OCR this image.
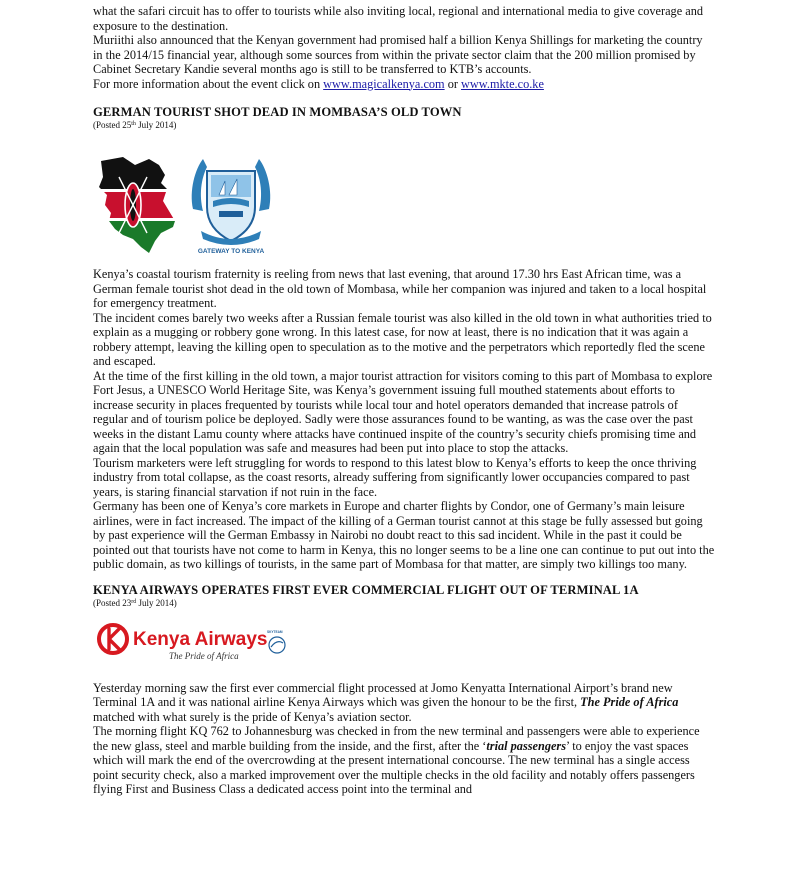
what the safari circuit has to offer to tourists while also inviting local, regional and international media to give coverage and exposure to the destination.

Muriithi also announced that the Kenyan government had promised half a billion Kenya Shillings for marketing the country in the 2014/15 financial year, although some sources from within the private sector claim that the 200 million promised by Cabinet Secretary Kandie several months ago is still to be transferred to KTB’s accounts.

For more information about the event click on www.magicalkenya.com or www.mkte.co.ke

GERMAN TOURIST SHOT DEAD IN MOMBASA’S OLD TOWN

(Posted 25th July 2014)

GATEWAY TO KENYA

Kenya’s coastal tourism fraternity is reeling from news that last evening, that around 17.30 hrs East African time, was a German female tourist shot dead in the old town of Mombasa, while her companion was injured and taken to a local hospital for emergency treatment.

The incident comes barely two weeks after a Russian female tourist was also killed in the old town in what authorities tried to explain as a mugging or robbery gone wrong. In this latest case, for now at least, there is no indication that it was again a robbery attempt, leaving the killing open to speculation as to the motive and the perpetrators which reportedly fled the scene and escaped.

At the time of the first killing in the old town, a major tourist attraction for visitors coming to this part of Mombasa to explore Fort Jesus, a UNESCO World Heritage Site, was Kenya’s government issuing full mouthed statements about efforts to increase security in places frequented by tourists while local tour and hotel operators demanded that increase patrols of regular and of tourism police be deployed. Sadly were those assurances found to be wanting, as was the case over the past weeks in the distant Lamu county where attacks have continued inspite of the country’s security chiefs promising time and again that the local population was safe and measures had been put into place to stop the attacks.

Tourism marketers were left struggling for words to respond to this latest blow to Kenya’s efforts to keep the once thriving industry from total collapse, as the coast resorts, already suffering from significantly lower occupancies compared to past years, is staring financial starvation if not ruin in the face.

Germany has been one of Kenya’s core markets in Europe and charter flights by Condor, one of Germany’s main leisure airlines, were in fact increased. The impact of the killing of a German tourist cannot at this stage be fully assessed but going by past experience will the German Embassy in Nairobi no doubt react to this sad incident. While in the past it could be pointed out that tourists have not come to harm in Kenya, this no longer seems to be a line one can continue to put out into the public domain, as two killings of tourists, in the same part of Mombasa for that matter, are simply two killings too many.

KENYA AIRWAYS OPERATES FIRST EVER COMMERCIAL FLIGHT OUT OF TERMINAL 1A

(Posted 23rd July 2014)

Kenya Airways
The Pride of Africa
SKYTEAM

Yesterday morning saw the first ever commercial flight processed at Jomo Kenyatta International Airport’s brand new Terminal 1A and it was national airline Kenya Airways which was given the honour to be the first, The Pride of Africa matched with what surely is the pride of Kenya’s aviation sector.

The morning flight KQ 762 to Johannesburg was checked in from the new terminal and passengers were able to experience the new glass, steel and marble building from the inside, and the first, after the ‘trial passengers’ to enjoy the vast spaces which will mark the end of the overcrowding at the present international concourse. The new terminal has a single access point security check, also a marked improvement over the multiple checks in the old facility and notably offers passengers flying First and Business Class a dedicated access point into the terminal and
